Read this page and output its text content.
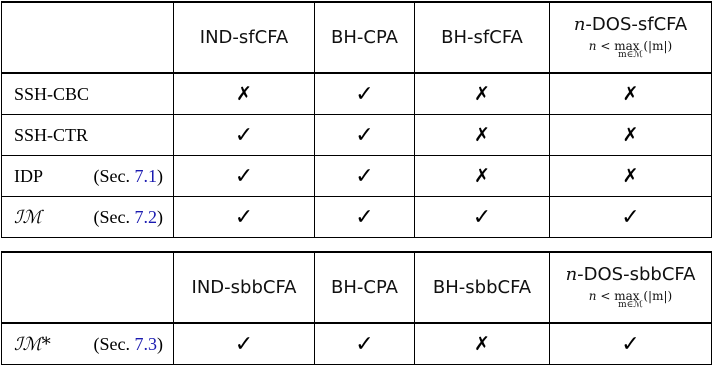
	IND-sfCFA	BH-CPA	BH-sfCFA	n-DOS-sfCFA
n < max (|m|)
m∈ℳ

SSH-CBC	✗	✓	✗	✗
SSH-CTR	✓	✓	✗	✗
IDP (Sec. 7.1)	✓	✓	✗	✗
ℐℳ (Sec. 7.2)	✓	✓	✓	✓
	IND-sbbCFA	BH-CPA	BH-sbbCFA	n-DOS-sbbCFA
n < max (|m|)
m∈ℳ

ℐℳ* (Sec. 7.3)	✓	✓	✗	✓
